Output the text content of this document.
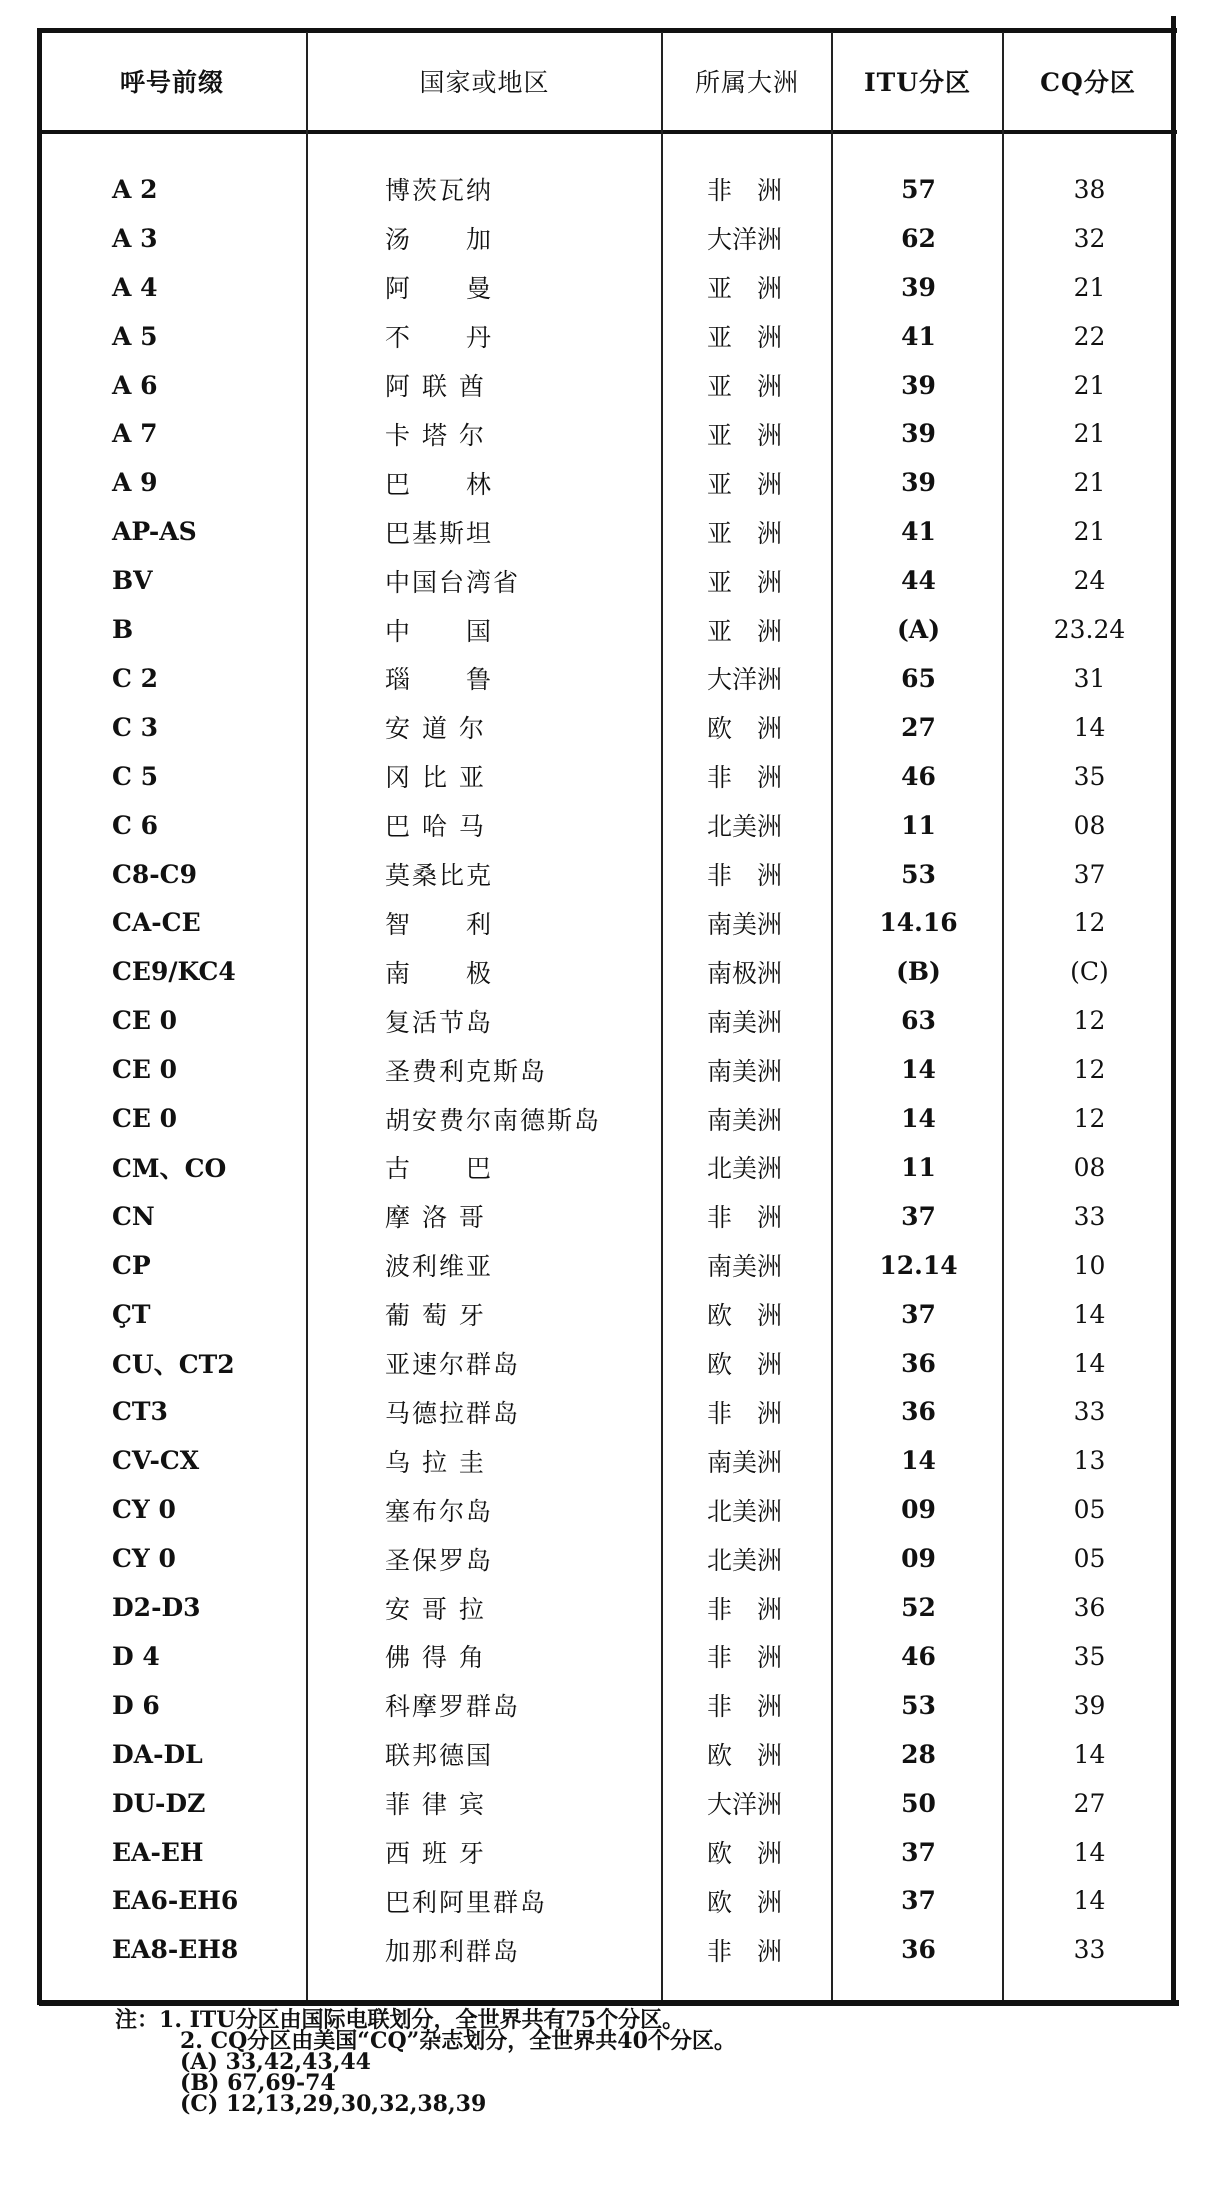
呼号前缀	国家或地区	所属大洲	ITU分区	CQ分区
A 2	博茨瓦纳	非　洲	57	38
A 3	汤　　加	大洋洲	62	32
A 4	阿　　曼	亚　洲	39	21
A 5	不　　丹	亚　洲	41	22
A 6	阿 联 酋	亚　洲	39	21
A 7	卡 塔 尔	亚　洲	39	21
A 9	巴　　林	亚　洲	39	21
AP-AS	巴基斯坦	亚　洲	41	21
BV	中国台湾省	亚　洲	44	24
B	中　　国	亚　洲	(A)	23.24
C 2	瑙　　鲁	大洋洲	65	31
C 3	安 道 尔	欧　洲	27	14
C 5	冈 比 亚	非　洲	46	35
C 6	巴 哈 马	北美洲	11	08
C8-C9	莫桑比克	非　洲	53	37
CA-CE	智　　利	南美洲	14.16	12
CE9/KC4	南　　极	南极洲	(B)	(C)
CE 0	复活节岛	南美洲	63	12
CE 0	圣费利克斯岛	南美洲	14	12
CE 0	胡安费尔南德斯岛	南美洲	14	12
CM、CO	古　　巴	北美洲	11	08
CN	摩 洛 哥	非　洲	37	33
CP	波利维亚	南美洲	12.14	10
ÇT	葡 萄 牙	欧　洲	37	14
CU、CT2	亚速尔群岛	欧　洲	36	14
CT3	马德拉群岛	非　洲	36	33
CV-CX	乌 拉 圭	南美洲	14	13
CY 0	塞布尔岛	北美洲	09	05
CY 0	圣保罗岛	北美洲	09	05
D2-D3	安 哥 拉	非　洲	52	36
D 4	佛 得 角	非　洲	46	35
D 6	科摩罗群岛	非　洲	53	39
DA-DL	联邦德国	欧　洲	28	14
DU-DZ	菲 律 宾	大洋洲	50	27
EA-EH	西 班 牙	欧　洲	37	14
EA6-EH6	巴利阿里群岛	欧　洲	37	14
EA8-EH8	加那利群岛	非　洲	36	33
注：1. ITU分区由国际电联划分，全世界共有75个分区。
2. CQ分区由美国“CQ”杂志划分，全世界共40个分区。
(A) 33,42,43,44
(B) 67,69-74
(C) 12,13,29,30,32,38,39
